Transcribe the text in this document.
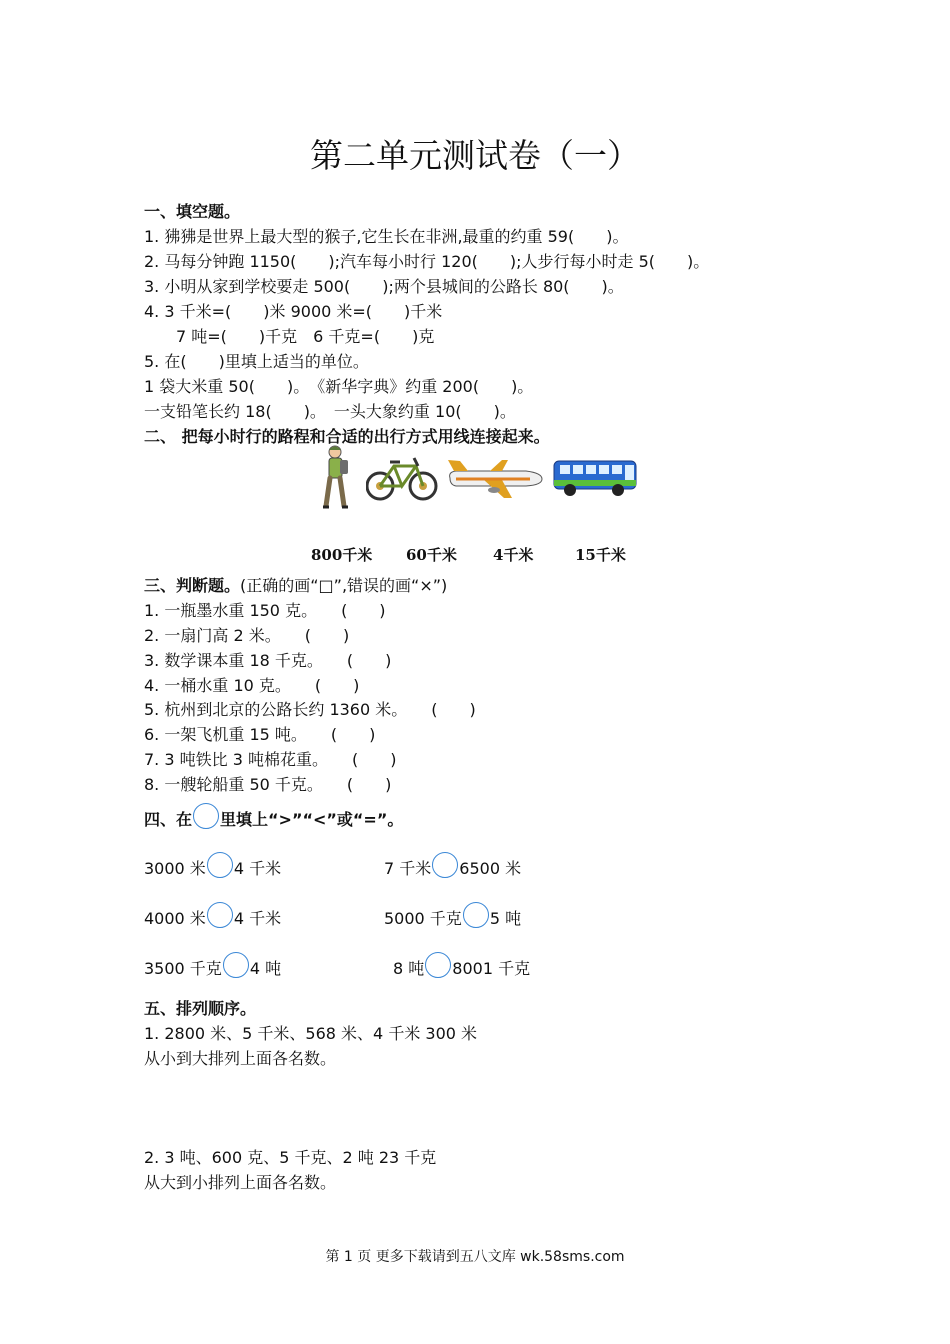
第二单元测试卷（一）
一、填空题。
1. 狒狒是世界上最大型的猴子,它生长在非洲,最重的约重 59(　　)。
2. 马每分钟跑 1150(　　);汽车每小时行 120(　　);人步行每小时走 5(　　)。
3. 小明从家到学校要走 500(　　);两个县城间的公路长 80(　　)。
4. 3 千米=(　　)米 9000 米=(　　)千米
7 吨=(　　)千克　6 千克=(　　)克
5. 在(　　)里填上适当的单位。
1 袋大米重 50(　　)。　《新华字典》约重 200(　　)。
一支铅笔长约 18(　　)。　一头大象约重 10(　　)。
二、 把每小时行的路程和合适的出行方式用线连接起来。
800千米 60千米 4千米	15千米
三、判断题。(正确的画“□”,错误的画“×”)
1. 一瓶墨水重 150 克。　　(　　)
2. 一扇门高 2 米。　　(　　)
3. 数学课本重 18 千克。　　(　　)
4. 一桶水重 10 克。　　(　　)
5. 杭州到北京的公路长约 1360 米。　　(　　)
6. 一架飞机重 15 吨。　　(　　)
7. 3 吨铁比 3 吨棉花重。　　(　　)
8. 一艘轮船重 50 千克。　　(　　)
四、在 里填上“>”“<”或“=”。
3000 米 4 千米	7 千米 6500 米
4000 米 4 千米	5000 千克 5 吨
3500 千克 4 吨	8 吨 8001 千克
五、排列顺序。
1. 2800 米、5 千米、568 米、4 千米 300 米
从小到大排列上面各名数。
2. 3 吨、600 克、5 千克、2 吨 23 千克
从大到小排列上面各名数。
第 1 页 更多下载请到五八文库 wk.58sms.com
